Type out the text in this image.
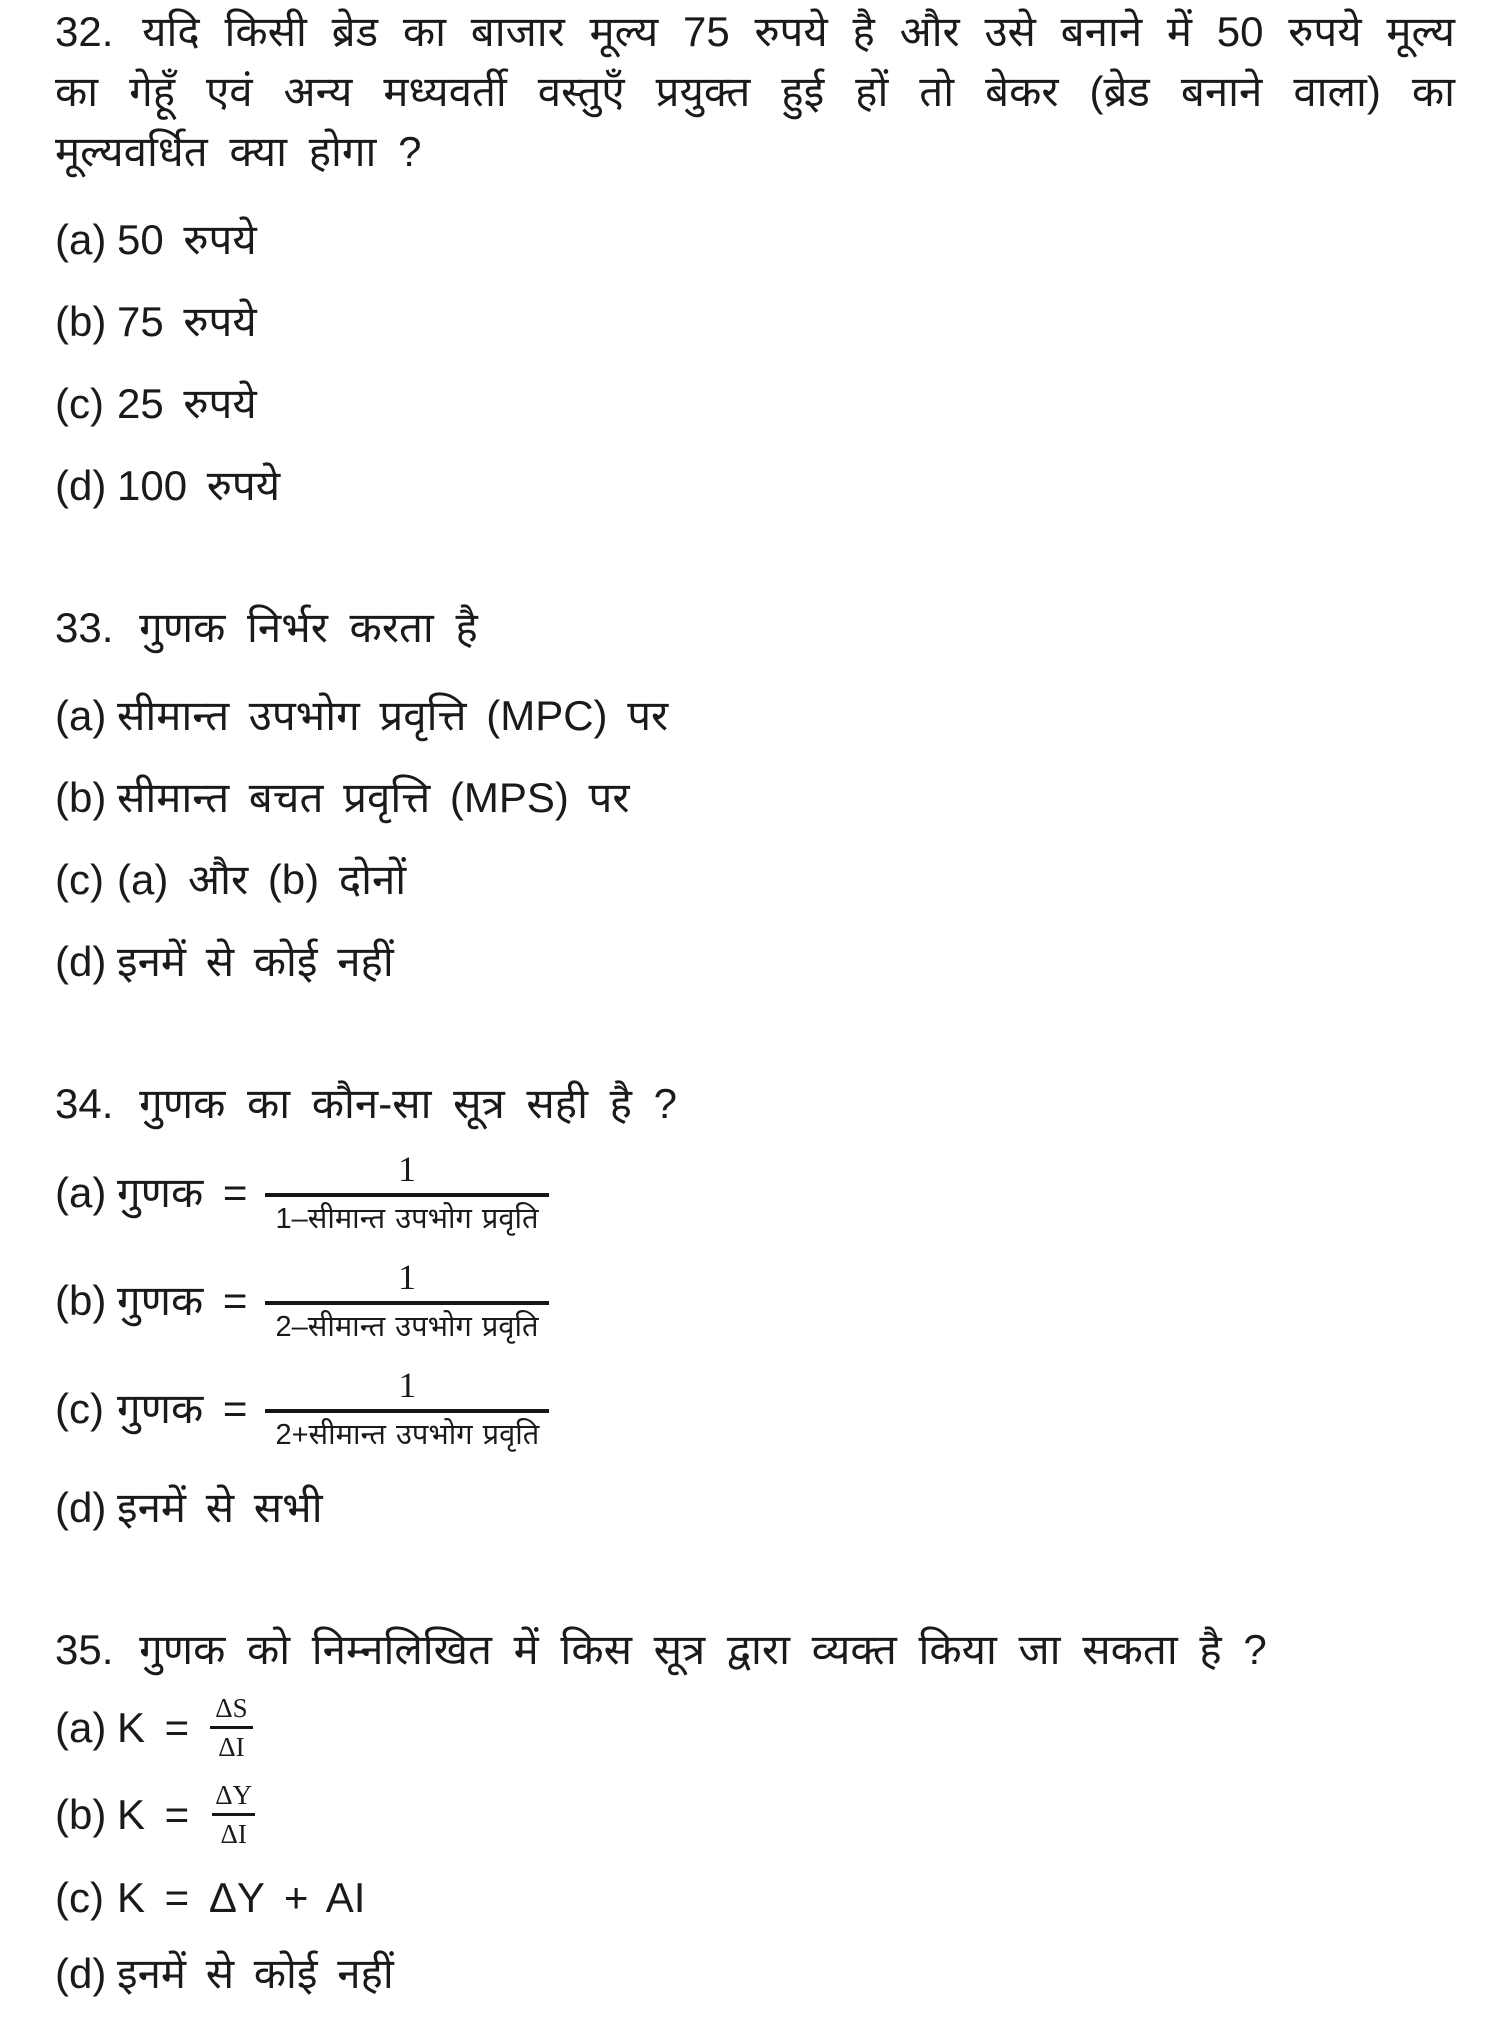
32. यदि किसी ब्रेड का बाजार मूल्य 75 रुपये है और उसे बनाने में 50 रुपये मूल्य का गेहूँ एवं अन्य मध्यवर्ती वस्तुएँ प्रयुक्त हुई हों तो बेकर (ब्रेड बनाने वाला) का मूल्यवर्धित क्या होगा ?

(a) 50 रुपये
(b) 75 रुपये
(c) 25 रुपये
(d) 100 रुपये

33. गुणक निर्भर करता है

(a) सीमान्त उपभोग प्रवृत्ति (MPC) पर
(b) सीमान्त बचत प्रवृत्ति (MPS) पर
(c) (a) और (b) दोनों
(d) इनमें से कोई नहीं

34. गुणक का कौन-सा सूत्र सही है ?

(a) गुणक = $\frac{1}{\text{1–सीमान्त उपभोग प्रवृति}}$
(b) गुणक = $\frac{1}{\text{2–सीमान्त उपभोग प्रवृति}}$
(c) गुणक = $\frac{1}{\text{2+सीमान्त उपभोग प्रवृति}}$
(d) इनमें से सभी

35. गुणक को निम्नलिखित में किस सूत्र द्वारा व्यक्त किया जा सकता है ?

(a) $K = \frac{\Delta S}{\Delta I}$
(b) $K = \frac{\Delta Y}{\Delta I}$
(c) K = ΔY + AI
(d) इनमें से कोई नहीं
